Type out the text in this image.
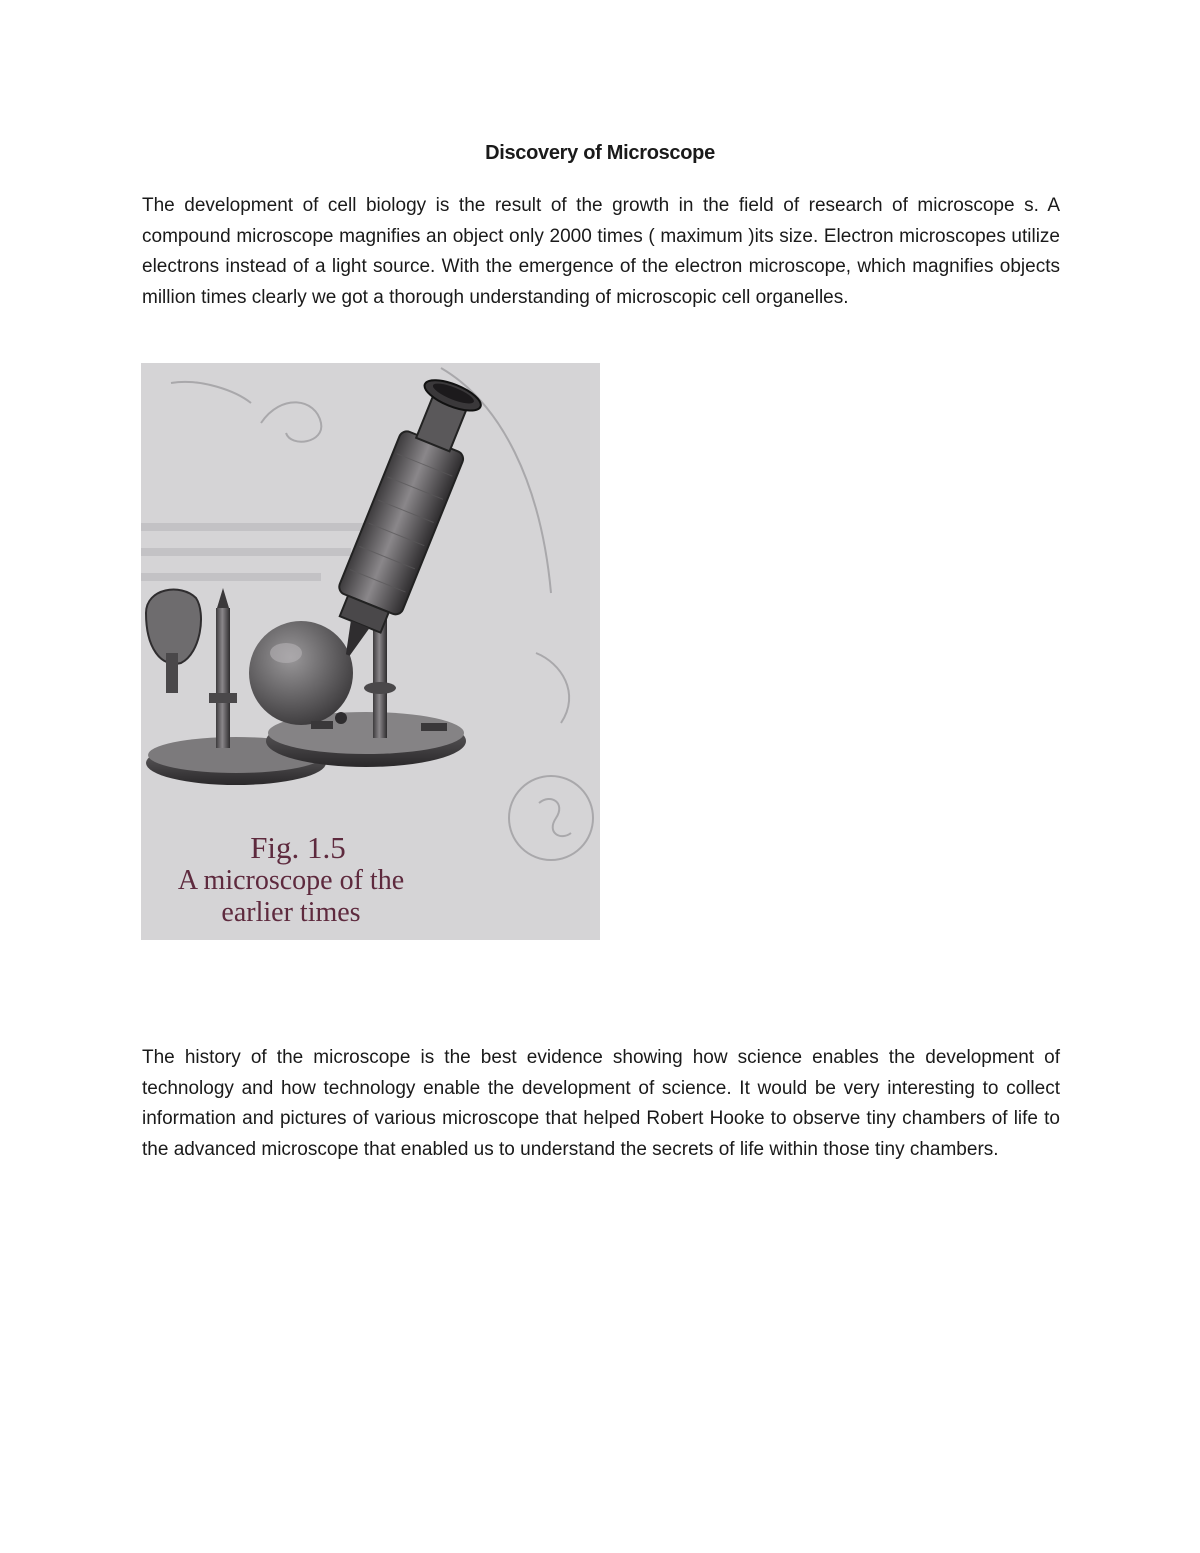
Discovery of Microscope

The development of cell biology is the result of the growth in the field of research of microscope s. A compound microscope magnifies an object only 2000 times ( maximum )its size. Electron microscopes utilize electrons instead of a light source. With the emergence of the electron microscope, which magnifies objects million times clearly we got a thorough understanding of microscopic cell organelles.

Fig. 1.5
A microscope of the
earlier times

The history of the microscope is the best evidence showing how science enables the development of technology and how technology enable the development of science. It would be very interesting to collect information and pictures of various microscope that helped Robert Hooke to observe tiny chambers of life to the advanced microscope that enabled us to understand the secrets of life within those tiny chambers.
